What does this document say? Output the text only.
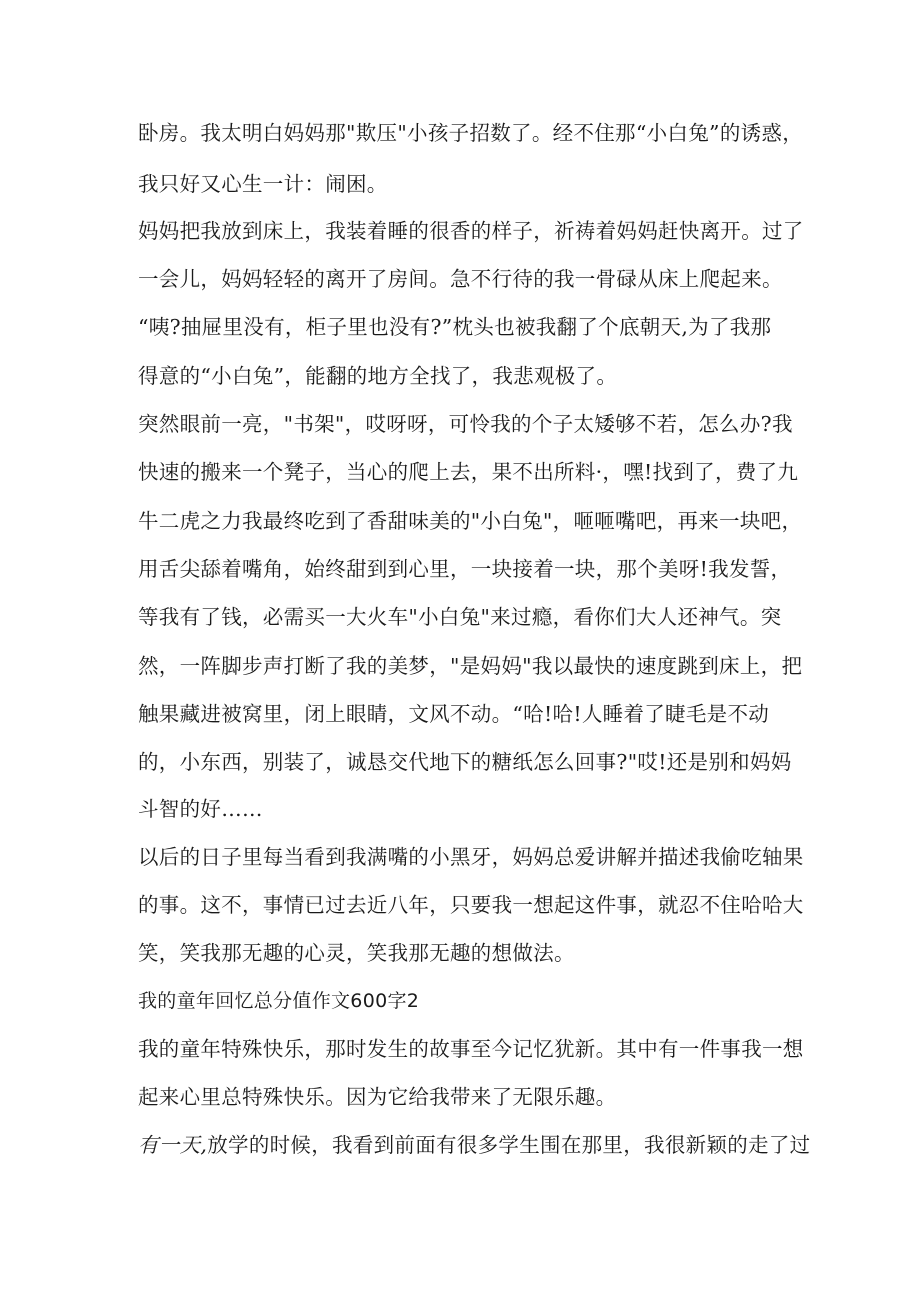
卧房。我太明白妈妈那"欺压"小孩子招数了。经不住那“小白兔”的诱惑，
我只好又心生一计：闹困。
妈妈把我放到床上，我装着睡的很香的样子，祈祷着妈妈赶快离开。过了
一会儿，妈妈轻轻的离开了房间。急不行待的我一骨碌从床上爬起来。
“咦?抽屉里没有，柜子里也没有?”枕头也被我翻了个底朝天,为了我那
得意的“小白兔”，能翻的地方全找了，我悲观极了。
突然眼前一亮，"书架"，哎呀呀，可怜我的个子太矮够不若，怎么办?我
快速的搬来一个凳子，当心的爬上去，果不出所料·，嘿!找到了，费了九
牛二虎之力我最终吃到了香甜味美的"小白兔"，咂咂嘴吧，再来一块吧，
用舌尖舔着嘴角，始终甜到到心里，一块接着一块，那个美呀!我发誓，
等我有了钱，必需买一大火车"小白兔"来过瘾，看你们大人还神气。突
然，一阵脚步声打断了我的美梦，"是妈妈"我以最快的速度跳到床上，把
触果藏进被窝里，闭上眼睛，文风不动。“哈!哈!人睡着了睫毛是不动
的，小东西，别装了，诚恳交代地下的糖纸怎么回事?"哎!还是别和妈妈
斗智的好……
以后的日子里每当看到我满嘴的小黑牙，妈妈总爱讲解并描述我偷吃轴果
的事。这不，事情已过去近八年，只要我一想起这件事，就忍不住哈哈大
笑，笑我那无趣的心灵，笑我那无趣的想做法。
我的童年回忆总分值作文600字2
我的童年特殊快乐，那时发生的故事至今记忆犹新。其中有一件事我一想
起来心里总特殊快乐。因为它给我带来了无限乐趣。
有一天,放学的时候，我看到前面有很多学生围在那里，我很新颖的走了过
